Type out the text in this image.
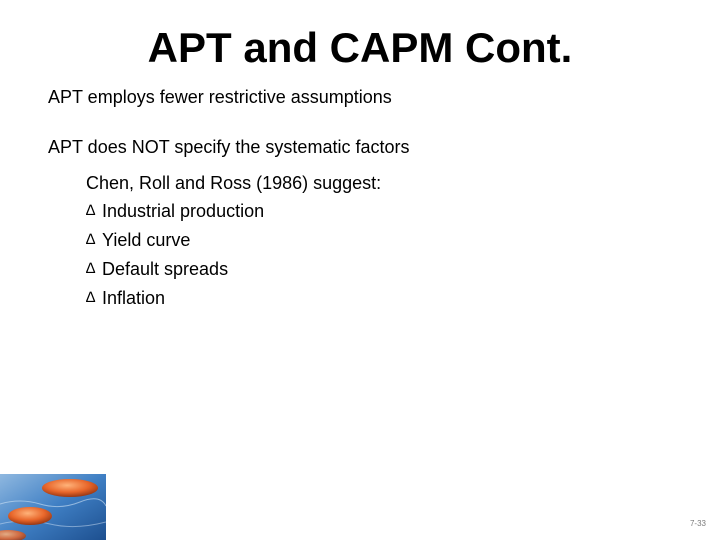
APT and CAPM Cont.

APT employs fewer restrictive assumptions

APT does NOT specify the systematic factors

Chen, Roll and Ross (1986) suggest:

∆ Industrial production
∆ Yield curve
∆ Default spreads
∆ Inflation
7-33
